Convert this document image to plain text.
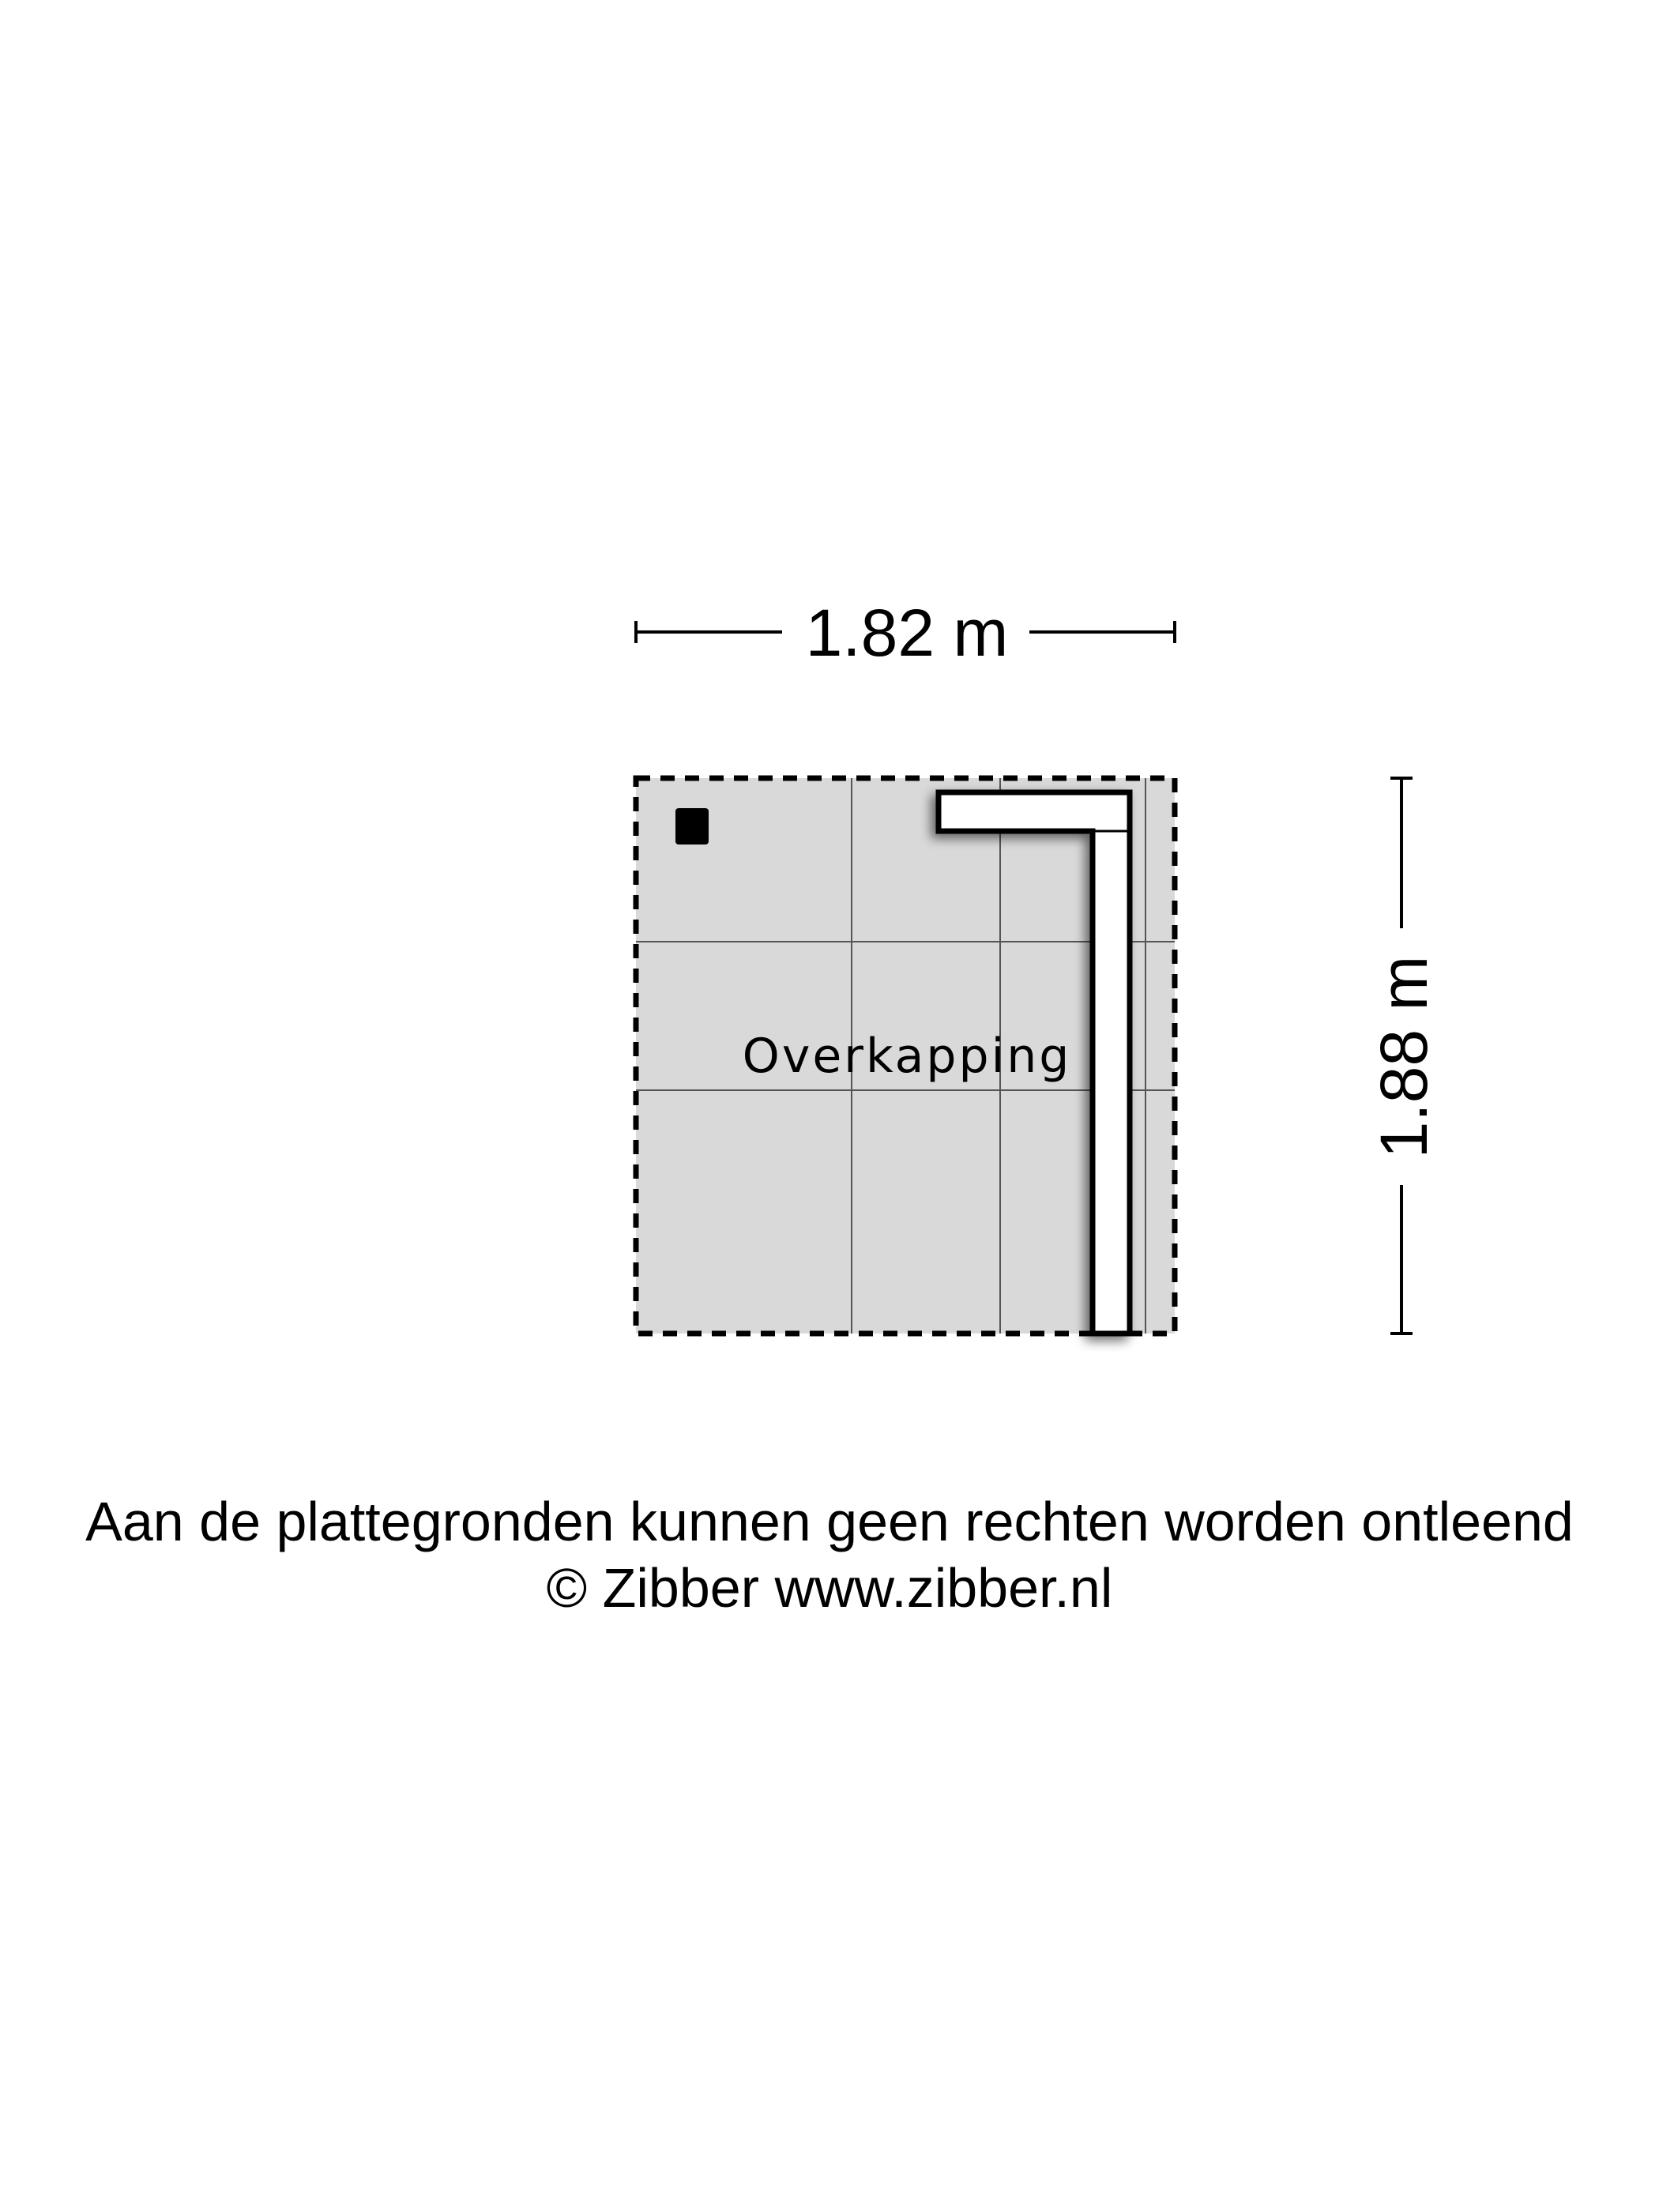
1.82 m
1.88 m
Overkapping
Aan de plattegronden kunnen geen rechten worden ontleend
© Zibber www.zibber.nl
